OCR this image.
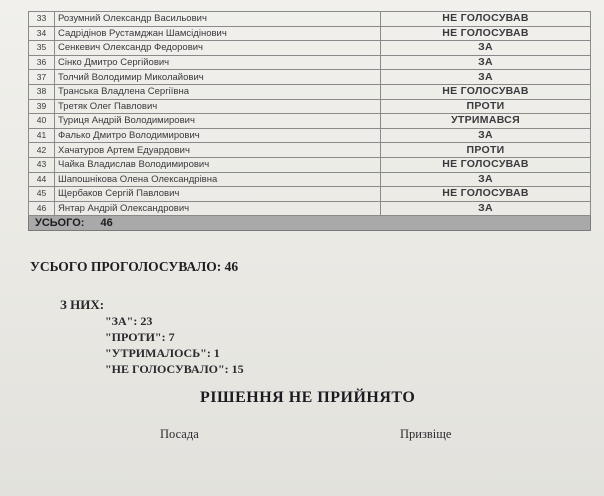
33	Розумний Олександр Васильович	НЕ ГОЛОСУВАВ
34	Садрідінов Рустамджан Шамсідінович	НЕ ГОЛОСУВАВ
35	Сенкевич Олександр Федорович	ЗА
36	Сінко Дмитро Сергійович	ЗА
37	Толчий Володимир Миколайович	ЗА
38	Транська Владлена Сергіївна	НЕ ГОЛОСУВАВ
39	Третяк Олег Павлович	ПРОТИ
40	Туриця Андрій Володимирович	УТРИМАВСЯ
41	Фалько Дмитро Володимирович	ЗА
42	Хачатуров Артем Едуардович	ПРОТИ
43	Чайка Владислав Володимирович	НЕ ГОЛОСУВАВ
44	Шапошнікова Олена Олександрівна	ЗА
45	Щербаков Сергій Павлович	НЕ ГОЛОСУВАВ
46	Янтар Андрій Олександрович	ЗА
УСЬОГО: 46		
УСЬОГО ПРОГОЛОСУВАЛО: 46
З НИХ:
"ЗА": 23
"ПРОТИ": 7
"УТРИМАЛОСЬ": 1
"НЕ ГОЛОСУВАЛО": 15
РІШЕННЯ НЕ ПРИЙНЯТО
Посада	Призвіще
